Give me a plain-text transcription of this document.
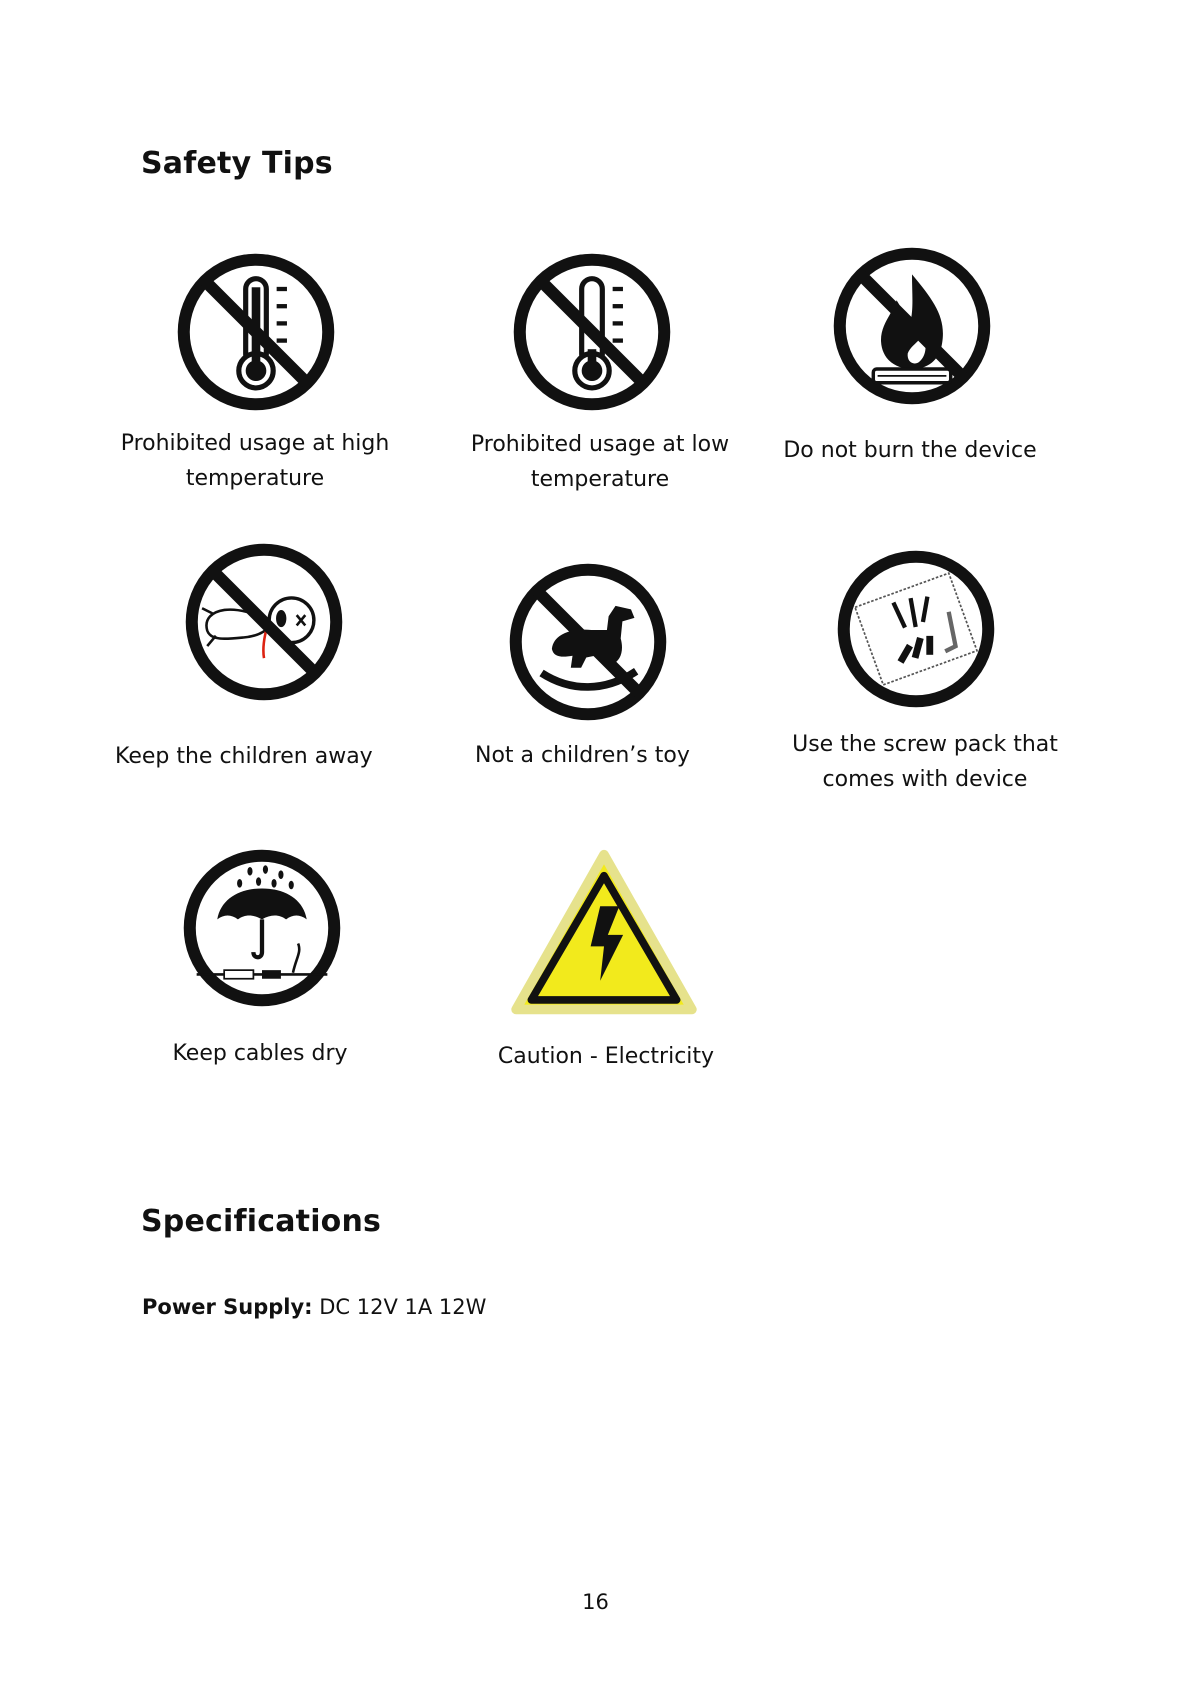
Safety Tips
Prohibited usage at high temperature
Prohibited usage at low temperature
Do not burn the device
Keep the children away	Not a children’s toy	Use the screw pack that comes with device
Keep cables dry	Caution - Electricity
Specifications
Power Supply: DC 12V 1A 12W
16
